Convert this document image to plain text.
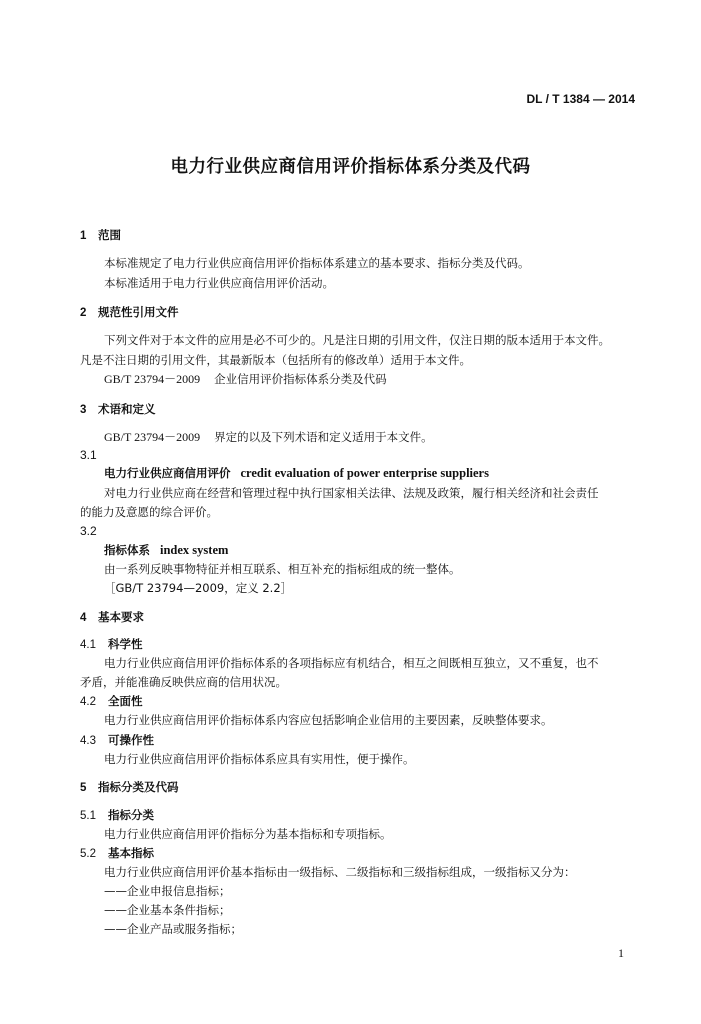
DL / T 1384 — 2014
电力行业供应商信用评价指标体系分类及代码
1 范围
本标准规定了电力行业供应商信用评价指标体系建立的基本要求、指标分类及代码。
本标准适用于电力行业供应商信用评价活动。
2 规范性引用文件
下列文件对于本文件的应用是必不可少的。凡是注日期的引用文件，仅注日期的版本适用于本文件。
凡是不注日期的引用文件，其最新版本（包括所有的修改单）适用于本文件。
GB/T 23794－2009 企业信用评价指标体系分类及代码
3 术语和定义
GB/T 23794－2009 界定的以及下列术语和定义适用于本文件。
3.1
电力行业供应商信用评价 credit evaluation of power enterprise suppliers
对电力行业供应商在经营和管理过程中执行国家相关法律、法规及政策，履行相关经济和社会责任
的能力及意愿的综合评价。
3.2
指标体系 index system
由一系列反映事物特征并相互联系、相互补充的指标组成的统一整体。
［GB/T 23794—2009，定义 2.2］
4 基本要求
4.1 科学性
电力行业供应商信用评价指标体系的各项指标应有机结合，相互之间既相互独立，又不重复，也不
矛盾，并能准确反映供应商的信用状况。
4.2 全面性
电力行业供应商信用评价指标体系内容应包括影响企业信用的主要因素，反映整体要求。
4.3 可操作性
电力行业供应商信用评价指标体系应具有实用性，便于操作。
5 指标分类及代码
5.1 指标分类
电力行业供应商信用评价指标分为基本指标和专项指标。
5.2 基本指标
电力行业供应商信用评价基本指标由一级指标、二级指标和三级指标组成，一级指标又分为：
——企业申报信息指标；
——企业基本条件指标；
——企业产品或服务指标；
1
